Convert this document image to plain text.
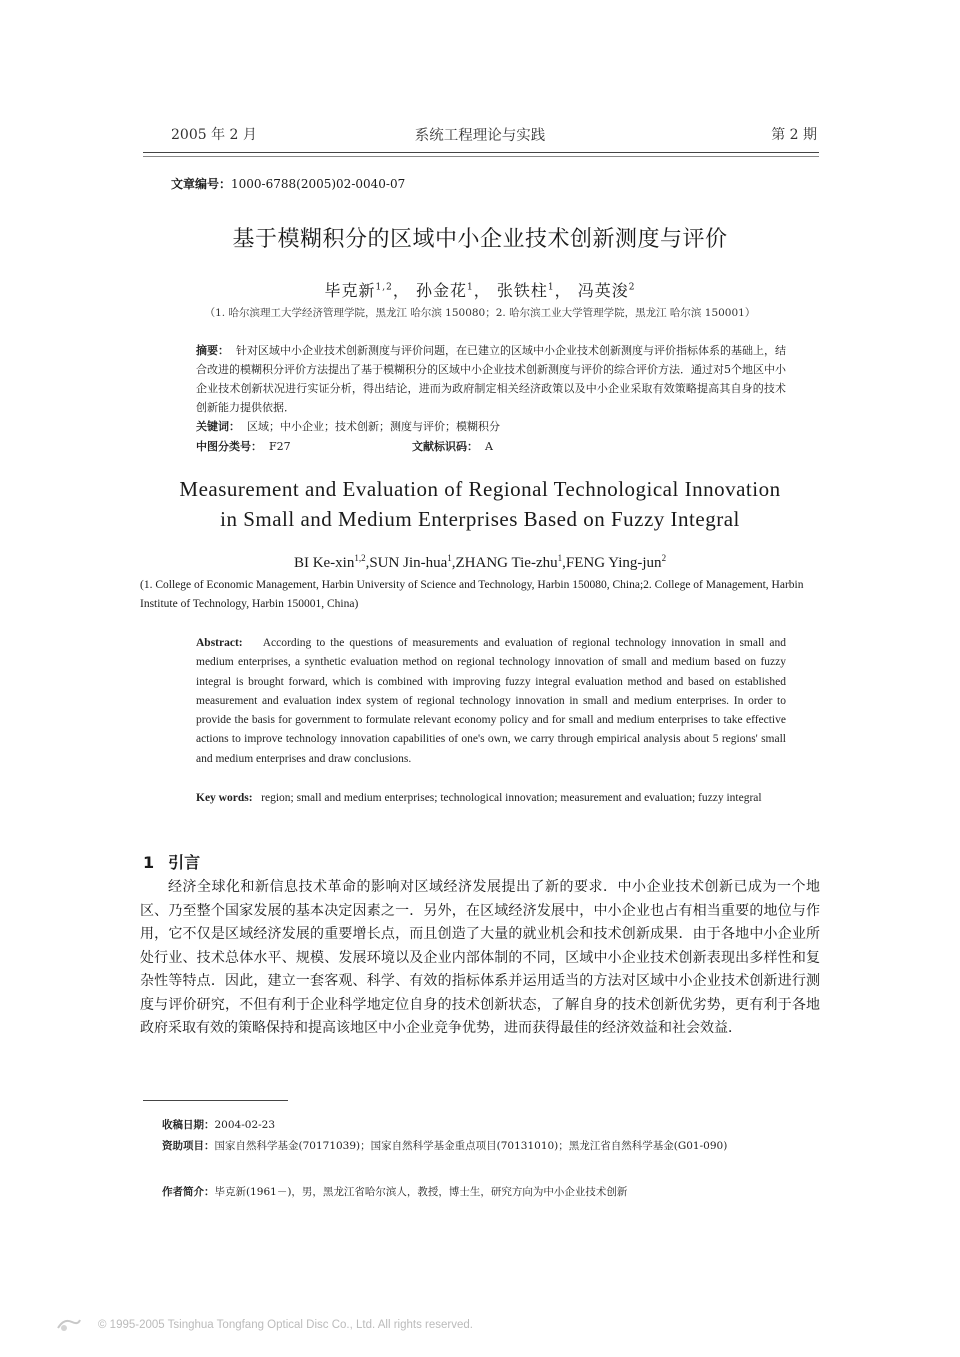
2005 年 2 月	系统工程理论与实践	第 2 期
文章编号：1000-6788(2005)02-0040-07
基于模糊积分的区域中小企业技术创新测度与评价
毕克新$^{1,2}$， 孙金花$^1$， 张铁柱$^1$， 冯英浚$^2$
（1. 哈尔滨理工大学经济管理学院，黑龙江 哈尔滨 150080；2. 哈尔滨工业大学管理学院，黑龙江 哈尔滨 150001）
摘要： 针对区域中小企业技术创新测度与评价问题，在已建立的区域中小企业技术创新测度与评价指标体系的基础上，结合改进的模糊积分评价方法提出了基于模糊积分的区域中小企业技术创新测度与评价的综合评价方法．通过对5个地区中小企业技术创新状况进行实证分析，得出结论，进而为政府制定相关经济政策以及中小企业采取有效策略提高其自身的技术创新能力提供依据．
关键词： 区域；中小企业；技术创新；测度与评价；模糊积分
中图分类号： F27	文献标识码： A
Measurement and Evaluation of Regional Technological Innovation
in Small and Medium Enterprises Based on Fuzzy Integral
BI Ke-xin$^{1,2}$,SUN Jin-hua$^1$,ZHANG Tie-zhu$^1$,FENG Ying-jun$^2$
(1. College of Economic Management, Harbin University of Science and Technology, Harbin 150080, China;2. College of Management, Harbin Institute of Technology, Harbin 150001, China)
Abstract: According to the questions of measurements and evaluation of regional technology innovation in small and medium enterprises, a synthetic evaluation method on regional technology innovation of small and medium based on fuzzy integral is brought forward, which is combined with improving fuzzy integral evaluation method and based on established measurement and evaluation index system of regional technology innovation in small and medium enterprises. In order to provide the basis for government to formulate relevant economy policy and for small and medium enterprises to take effective actions to improve technology innovation capabilities of one's own, we carry through empirical analysis about 5 regions' small and medium enterprises and draw conclusions.
Key words: region; small and medium enterprises; technological innovation; measurement and evaluation; fuzzy integral
1 引言
经济全球化和新信息技术革命的影响对区域经济发展提出了新的要求．中小企业技术创新已成为一个地区、乃至整个国家发展的基本决定因素之一．另外，在区域经济发展中，中小企业也占有相当重要的地位与作用，它不仅是区域经济发展的重要增长点，而且创造了大量的就业机会和技术创新成果．由于各地中小企业所处行业、技术总体水平、规模、发展环境以及企业内部体制的不同，区域中小企业技术创新表现出多样性和复杂性等特点．因此，建立一套客观、科学、有效的指标体系并运用适当的方法对区域中小企业技术创新进行测度与评价研究，不但有利于企业科学地定位自身的技术创新状态，了解自身的技术创新优劣势，更有利于各地政府采取有效的策略保持和提高该地区中小企业竞争优势，进而获得最佳的经济效益和社会效益．
收稿日期：2004-02-23
资助项目：国家自然科学基金(70171039)；国家自然科学基金重点项目(70131010)；黑龙江省自然科学基金(G01-090)
作者简介：毕克新(1961－)，男，黑龙江省哈尔滨人，教授，博士生，研究方向为中小企业技术创新
© 1995-2005 Tsinghua Tongfang Optical Disc Co., Ltd. All rights reserved.
